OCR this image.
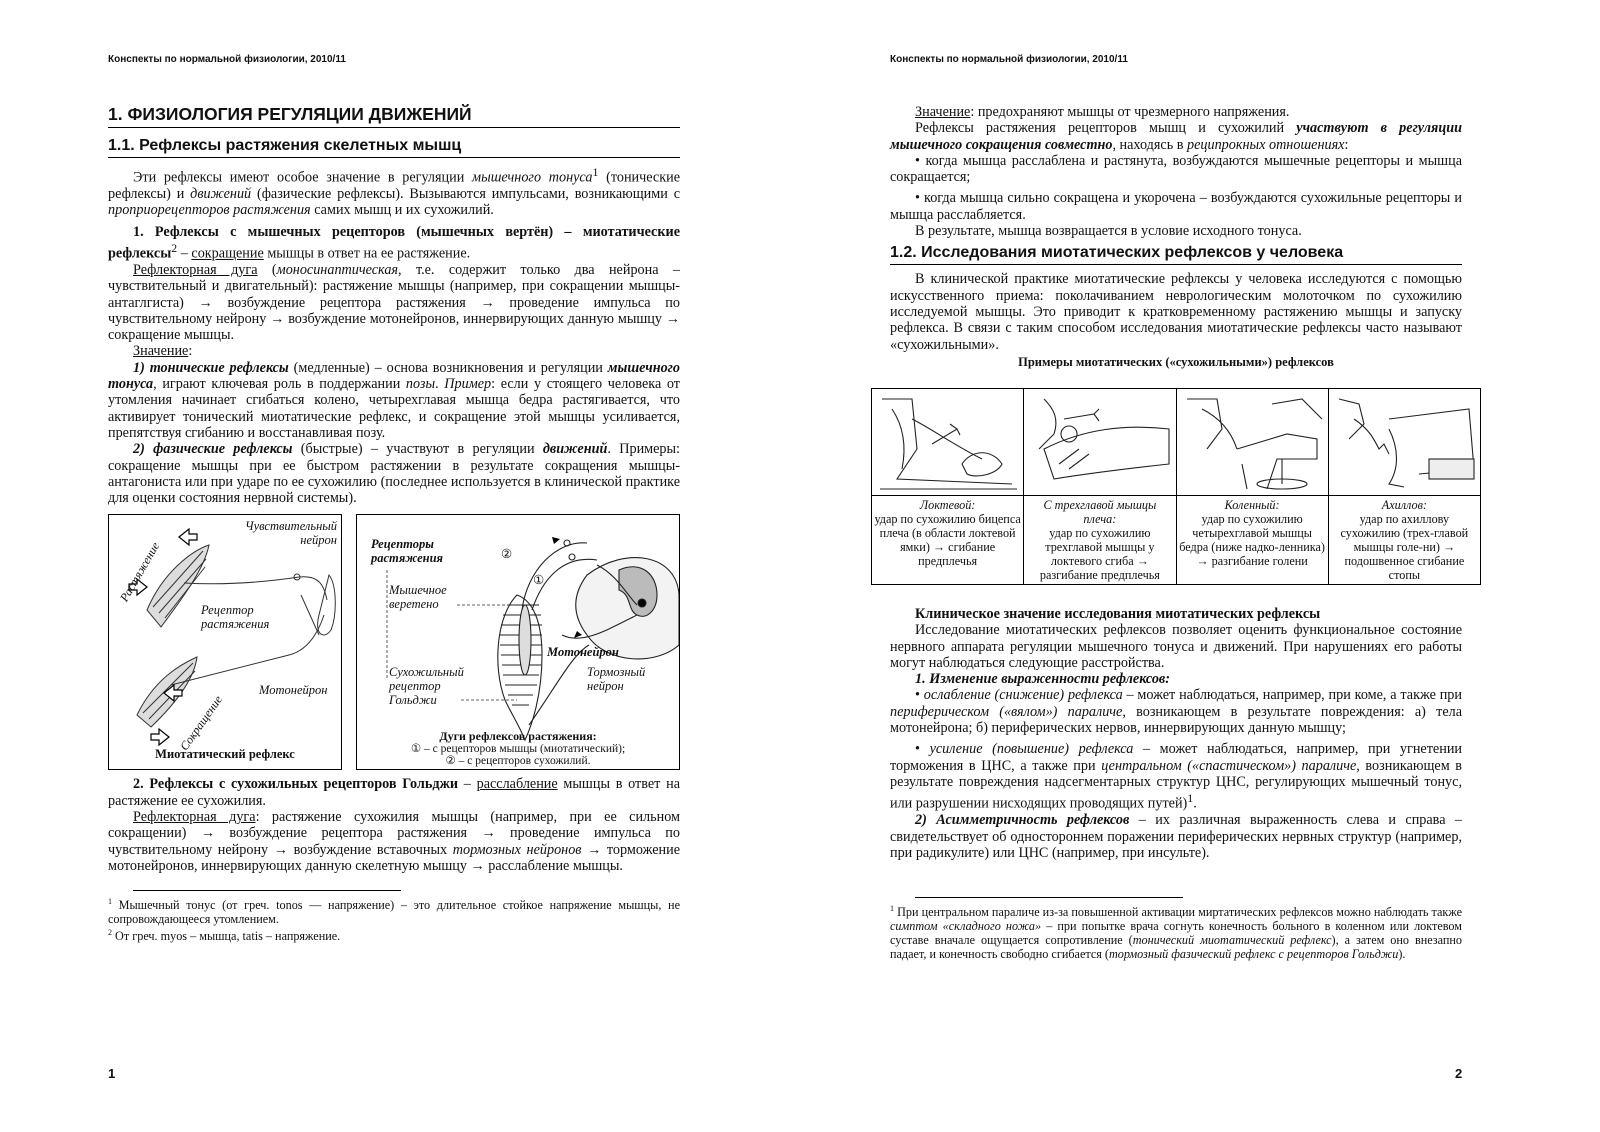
Конспекты по нормальной физиологии, 2010/11
1. ФИЗИОЛОГИЯ РЕГУЛЯЦИИ ДВИЖЕНИЙ
1.1. Рефлексы растяжения скелетных мышц

Эти рефлексы имеют особое значение в регуляции мышечного тонуса$^1$ (тонические рефлексы) и движений (фазические рефлексы). Вызываются импульсами, возникающими с проприорецепторов растяжения самих мышц и их сухожилий.

1. Рефлексы с мышечных рецепторов (мышечных вертён) – миотатические рефлексы$^2$ – сокращение мышцы в ответ на ее растяжение.

Рефлекторная дуга (моносинаптическая, т.е. содержит только два нейрона – чувствительный и двигательный): растяжение мышцы (например, при сокращении мышцы-антаглгиста) → возбуждение рецептора растяжения → проведение импульса по чувствительному нейрону → возбуждение мотонейронов, иннервирующих данную мышцу → сокращение мышцы.

Значение:

1) тонические рефлексы (медленные) – основа возникновения и регуляции мышечного тонуса, играют ключевая роль в поддержании позы. Пример: если у стоящего человека от утомления начинает сгибаться колено, четырехглавая мышца бедра растягивается, что активирует тонический миотатические рефлекс, и сокращение этой мышцы усиливается, препятствуя сгибанию и восстанавливая позу.

2) фазические рефлексы (быстрые) – участвуют в регуляции движений. Примеры: сокращение мышцы при ее быстром растяжении в результате сокращения мышцы-антагониста или при ударе по ее сухожилию (последнее используется в клинической практике для оценки состояния нервной системы).

Чувствительный нейрон
Растяжение
Рецептор растяжения
Сокращение
Мотонейрон
Миотатический рефлекс
Рецепторы растяжения
Мышечное веретено
Сухожильный рецептор Гольджи
Мотонейрон
Тормозный нейрон
①
②
Дуги рефлексов растяжения:
① – с рецепторов мышцы (миотатический);
② – с рецепторов сухожилий.

2. Рефлексы с сухожильных рецепторов Гольджи – расслабление мышцы в ответ на растяжение ее сухожилия.

Рефлекторная дуга: растяжение сухожилия мышцы (например, при ее сильном сокращении) → возбуждение рецептора растяжения → проведение импульса по чувствительному нейрону → возбуждение вставочных тормозных нейронов → торможение мотонейронов, иннервирующих данную скелетную мышцу → расслабление мышцы.

$^1$ Мышечный тонус (от греч. tonos — напряжение) – это длительное стойкое напряжение мышцы, не сопровождающееся утомлением.
$^2$ От греч. myos – мышца, tatis – напряжение.
1
Конспекты по нормальной физиологии, 2010/11

Значение: предохраняют мышцы от чрезмерного напряжения.

Рефлексы растяжения рецепторов мышц и сухожилий участвуют в регуляции мышечного сокращения совместно, находясь в реципрокных отношениях:

• когда мышца расслаблена и растянута, возбуждаются мышечные рецепторы и мышца сокращается;

• когда мышца сильно сокращена и укорочена – возбуждаются сухожильные рецепторы и мышца расслабляется.

В результате, мышца возвращается в условие исходного тонуса.

1.2. Исследования миотатических рефлексов у человека

В клинической практике миотатические рефлексы у человека исследуются с помощью искусственного приема: поколачиванием неврологическим молоточком по сухожилию исследуемой мышцы. Это приводит к кратковременному растяжению мышцы и запуску рефлекса. В связи с таким способом исследования миотатические рефлексы часто называют «сухожильными».

Примеры миотатических («сухожильными») рефлексов

Локтевой:
удар по сухожилию бицепса плеча (в области локтевой ямки) → сгибание предплечья	С трехглавой мышцы плеча:
удар по сухожилию трехглавой мышцы у локтевого сгиба → разгибание предплечья	Коленный:
удар по сухожилию четырехглавой мышцы бедра (ниже надко-ленника) → разгибание голени	Ахиллов:
удар по ахиллову сухожилию (трех-главой мышцы голе-ни) → подошвенное сгибание стопы

Клиническое значение исследования миотатических рефлексы

Исследование миотатических рефлексов позволяет оценить функциональное состояние нервного аппарата регуляции мышечного тонуса и движений. При нарушениях его работы могут наблюдаться следующие расстройства.

1. Изменение выраженности рефлексов:

• ослабление (снижение) рефлекса – может наблюдаться, например, при коме, а также при периферическом («вялом») параличе, возникающем в результате повреждения: а) тела мотонейрона; б) периферических нервов, иннервирующих данную мышцу;

• усиление (повышение) рефлекса – может наблюдаться, например, при угнетении торможения в ЦНС, а также при центральном («спастическом») параличе, возникающем в результате повреждения надсегментарных структур ЦНС, регулирующих мышечный тонус, или разрушении нисходящих проводящих путей)$^1$.

2) Асимметричность рефлексов – их различная выраженность слева и справа – свидетельствует об одностороннем поражении периферических нервных структур (например, при радикулите) или ЦНС (например, при инсульте).

$^1$ При центральном параличе из-за повышенной активации миртатических рефлексов можно наблюдать также симптом «складного ножа» – при попытке врача согнуть конечность больного в коленном или локтевом суставе вначале ощущается сопротивление (тонический миотатический рефлекс), а затем оно внезапно падает, и конечность свободно сгибается (тормозный фазический рефлекс с рецепторов Гольджи).
2
